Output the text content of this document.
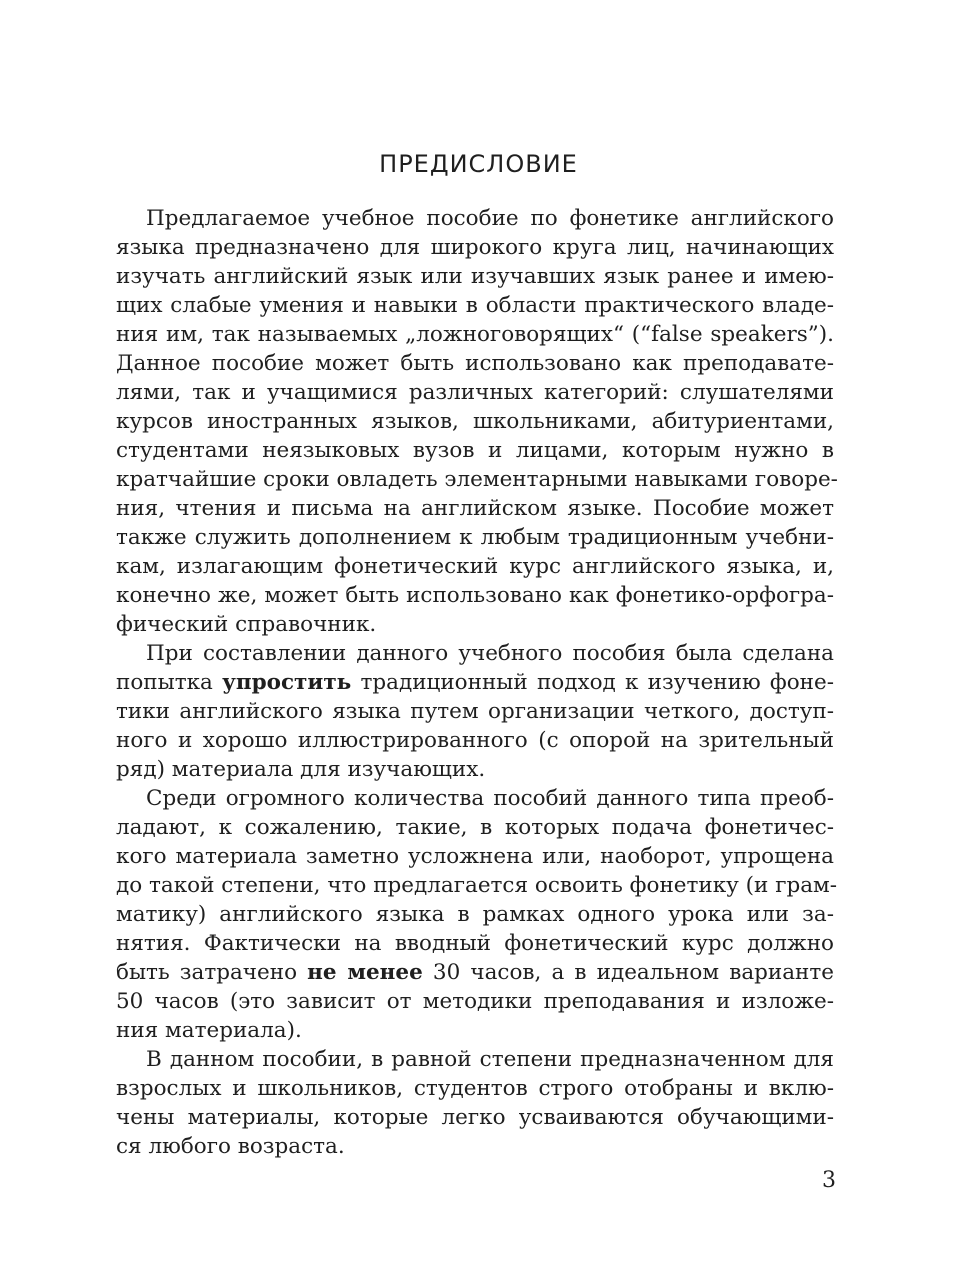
ПРЕДИСЛОВИЕ
Предлагаемое учебное пособие по фонетике английского
языка предназначено для широкого круга лиц, начинающих
изучать английский язык или изучавших язык ранее и имею-
щих слабые умения и навыки в области практического владе-
ния им, так называемых „ложноговорящих“ (“false speakers”).
Данное пособие может быть использовано как преподавате-
лями, так и учащимися различных категорий: слушателями
курсов иностранных языков, школьниками, абитуриентами,
студентами неязыковых вузов и лицами, которым нужно в
кратчайшие сроки овладеть элементарными навыками говоре-
ния, чтения и письма на английском языке. Пособие может
также служить дополнением к любым традиционным учебни-
кам, излагающим фонетический курс английского языка, и,
конечно же, может быть использовано как фонетико-орфогра-
фический справочник.
При составлении данного учебного пособия была сделана
попытка упростить традиционный подход к изучению фоне-
тики английского языка путем организации четкого, доступ-
ного и хорошо иллюстрированного (с опорой на зрительный
ряд) материала для изучающих.
Среди огромного количества пособий данного типа преоб-
ладают, к сожалению, такие, в которых подача фонетичес-
кого материала заметно усложнена или, наоборот, упрощена
до такой степени, что предлагается освоить фонетику (и грам-
матику) английского языка в рамках одного урока или за-
нятия. Фактически на вводный фонетический курс должно
быть затрачено не менее 30 часов, а в идеальном варианте
50 часов (это зависит от методики преподавания и изложе-
ния материала).
В данном пособии, в равной степени предназначенном для
взрослых и школьников, студентов строго отобраны и вклю-
чены материалы, которые легко усваиваются обучающими-
ся любого возраста.
3
